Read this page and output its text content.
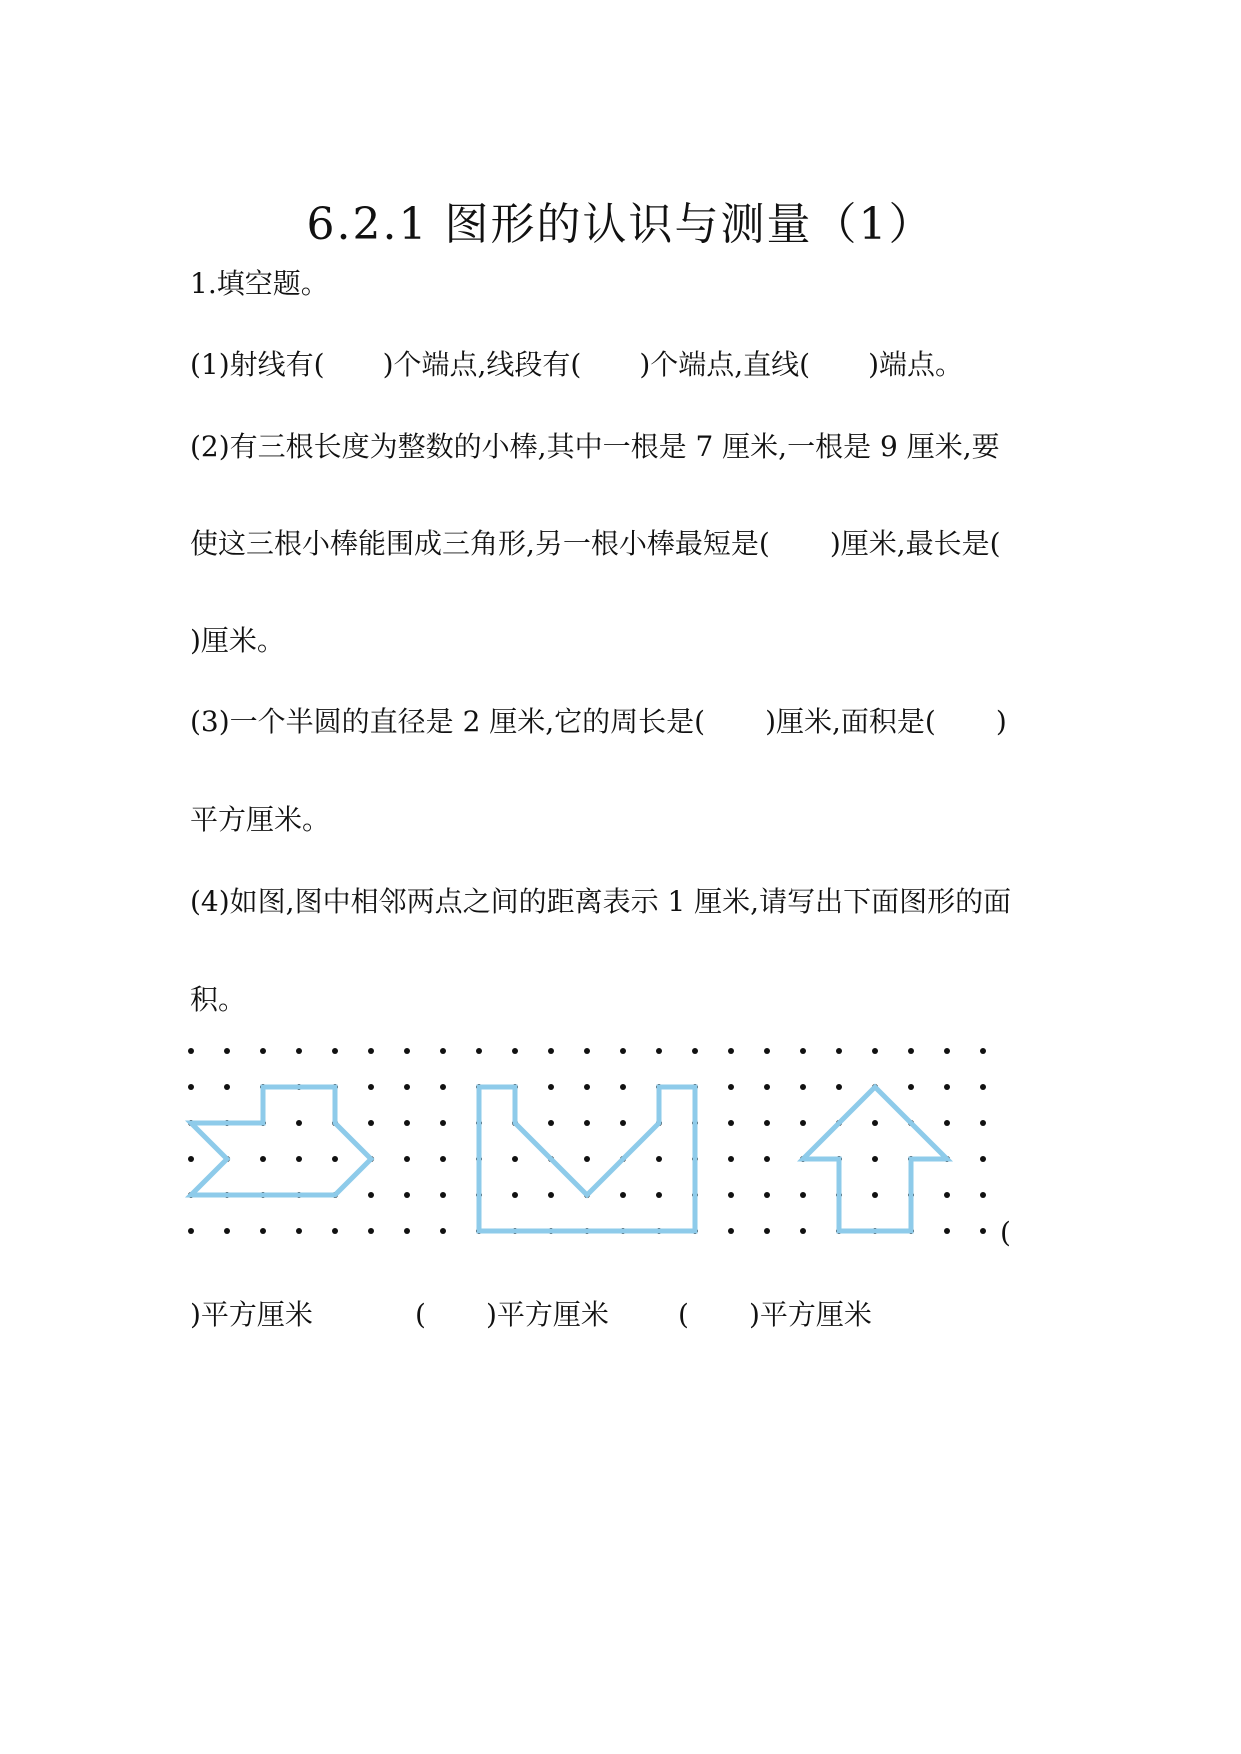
6.2.1 图形的认识与测量（1）
1.填空题。
(1)射线有( )个端点,线段有( )个端点,直线( )端点。
(2)有三根长度为整数的小棒,其中一根是 7 厘米,一根是 9 厘米,要
使这三根小棒能围成三角形,另一根小棒最短是( )厘米,最长是(
)厘米。
(3)一个半圆的直径是 2 厘米,它的周长是( )厘米,面积是( )
平方厘米。
(4)如图,图中相邻两点之间的距离表示 1 厘米,请写出下面图形的面
积。
(
)平方厘米	( )平方厘米 ( )平方厘米
